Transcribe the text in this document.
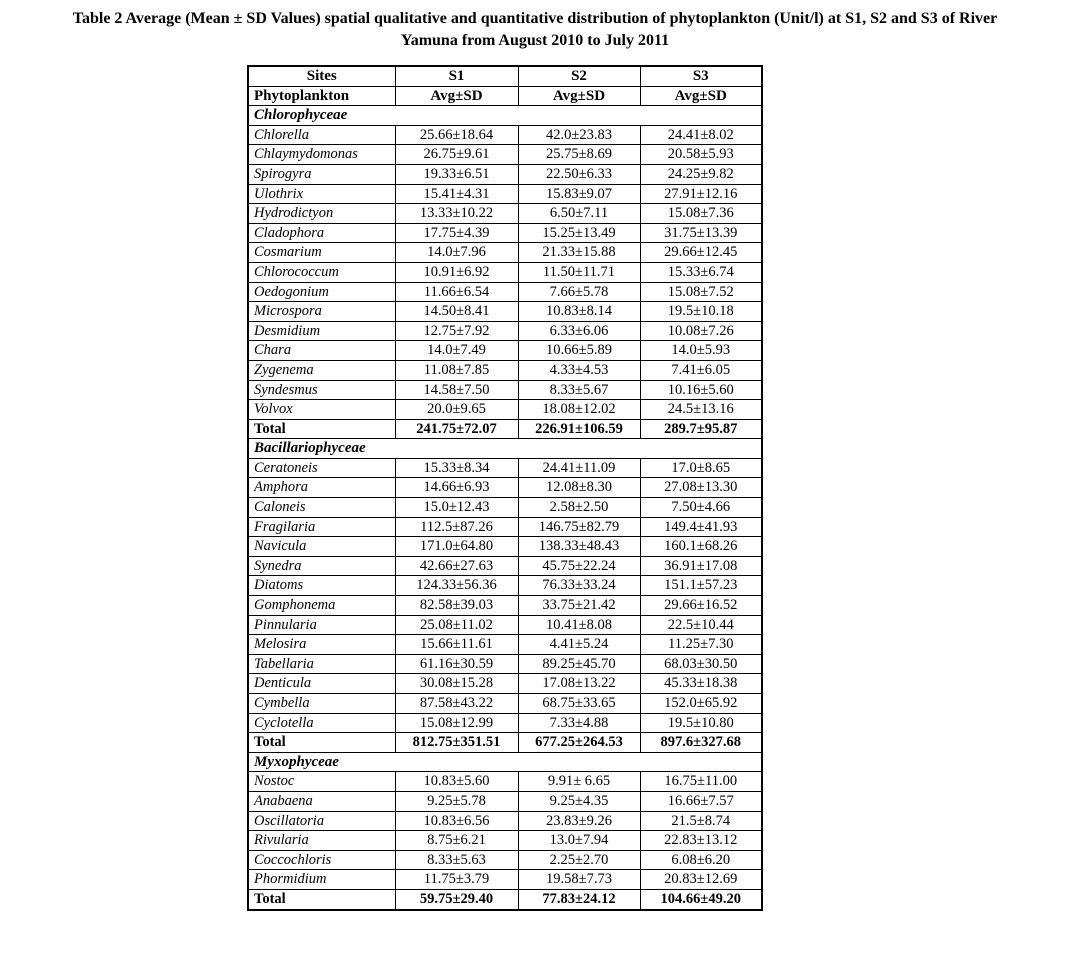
Table 2 Average (Mean ± SD Values) spatial qualitative and quantitative distribution of phytoplankton (Unit/l) at S1, S2 and S3 of River
Yamuna from August 2010 to July 2011
Sites	S1	S2	S3
Phytoplankton	Avg±SD	Avg±SD	Avg±SD
Chlorophyceae			
Chlorella	25.66±18.64	42.0±23.83	24.41±8.02
Chlaymydomonas	26.75±9.61	25.75±8.69	20.58±5.93
Spirogyra	19.33±6.51	22.50±6.33	24.25±9.82
Ulothrix	15.41±4.31	15.83±9.07	27.91±12.16
Hydrodictyon	13.33±10.22	6.50±7.11	15.08±7.36
Cladophora	17.75±4.39	15.25±13.49	31.75±13.39
Cosmarium	14.0±7.96	21.33±15.88	29.66±12.45
Chlorococcum	10.91±6.92	11.50±11.71	15.33±6.74
Oedogonium	11.66±6.54	7.66±5.78	15.08±7.52
Microspora	14.50±8.41	10.83±8.14	19.5±10.18
Desmidium	12.75±7.92	6.33±6.06	10.08±7.26
Chara	14.0±7.49	10.66±5.89	14.0±5.93
Zygenema	11.08±7.85	4.33±4.53	7.41±6.05
Syndesmus	14.58±7.50	8.33±5.67	10.16±5.60
Volvox	20.0±9.65	18.08±12.02	24.5±13.16
Total	241.75±72.07	226.91±106.59	289.7±95.87
Bacillariophyceae			
Ceratoneis	15.33±8.34	24.41±11.09	17.0±8.65
Amphora	14.66±6.93	12.08±8.30	27.08±13.30
Caloneis	15.0±12.43	2.58±2.50	7.50±4.66
Fragilaria	112.5±87.26	146.75±82.79	149.4±41.93
Navicula	171.0±64.80	138.33±48.43	160.1±68.26
Synedra	42.66±27.63	45.75±22.24	36.91±17.08
Diatoms	124.33±56.36	76.33±33.24	151.1±57.23
Gomphonema	82.58±39.03	33.75±21.42	29.66±16.52
Pinnularia	25.08±11.02	10.41±8.08	22.5±10.44
Melosira	15.66±11.61	4.41±5.24	11.25±7.30
Tabellaria	61.16±30.59	89.25±45.70	68.03±30.50
Denticula	30.08±15.28	17.08±13.22	45.33±18.38
Cymbella	87.58±43.22	68.75±33.65	152.0±65.92
Cyclotella	15.08±12.99	7.33±4.88	19.5±10.80
Total	812.75±351.51	677.25±264.53	897.6±327.68
Myxophyceae			
Nostoc	10.83±5.60	9.91± 6.65	16.75±11.00
Anabaena	9.25±5.78	9.25±4.35	16.66±7.57
Oscillatoria	10.83±6.56	23.83±9.26	21.5±8.74
Rivularia	8.75±6.21	13.0±7.94	22.83±13.12
Coccochloris	8.33±5.63	2.25±2.70	6.08±6.20
Phormidium	11.75±3.79	19.58±7.73	20.83±12.69
Total	59.75±29.40	77.83±24.12	104.66±49.20
